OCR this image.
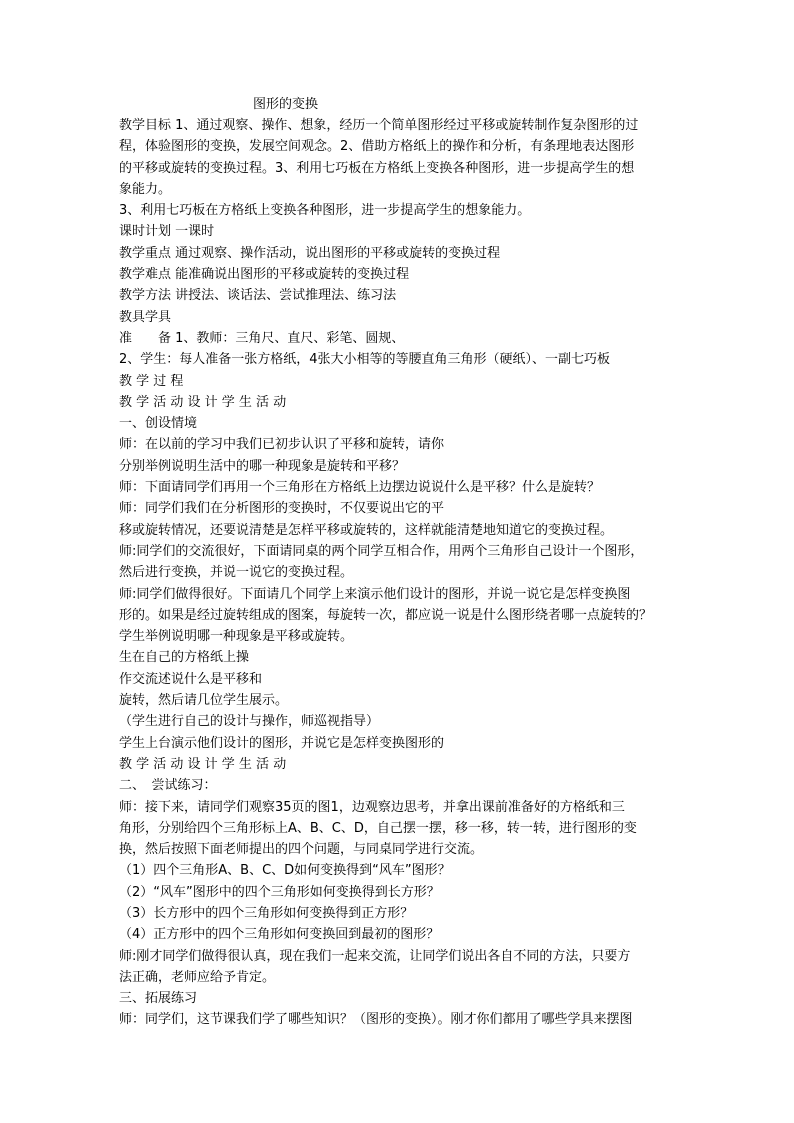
图形的变换
教学目标 1、通过观察、操作、想象，经历一个简单图形经过平移或旋转制作复杂图形的过
程，体验图形的变换，发展空间观念。2、借助方格纸上的操作和分析，有条理地表达图形
的平移或旋转的变换过程。3、利用七巧板在方格纸上变换各种图形，进一步提高学生的想
象能力。
3、利用七巧板在方格纸上变换各种图形，进一步提高学生的想象能力。
课时计划 一课时
教学重点 通过观察、操作活动，说出图形的平移或旋转的变换过程
教学难点 能准确说出图形的平移或旋转的变换过程
教学方法 讲授法、谈话法、尝试推理法、练习法
教具学具
准　　备 1、教师：三角尺、直尺、彩笔、圆规、
2、学生：每人准备一张方格纸，4张大小相等的等腰直角三角形（硬纸）、一副七巧板
教 学 过 程
教 学 活 动 设 计 学 生 活 动
一、创设情境
师：在以前的学习中我们已初步认识了平移和旋转，请你
分别举例说明生活中的哪一种现象是旋转和平移？
师：下面请同学们再用一个三角形在方格纸上边摆边说说什么是平移？什么是旋转？
师：同学们我们在分析图形的变换时，不仅要说出它的平
移或旋转情况，还要说清楚是怎样平移或旋转的，这样就能清楚地知道它的变换过程。
师:同学们的交流很好，下面请同桌的两个同学互相合作，用两个三角形自己设计一个图形，
然后进行变换，并说一说它的变换过程。
师:同学们做得很好。下面请几个同学上来演示他们设计的图形，并说一说它是怎样变换图
形的。如果是经过旋转组成的图案，每旋转一次，都应说一说是什么图形绕者哪一点旋转的？
学生举例说明哪一种现象是平移或旋转。
生在自己的方格纸上操
作交流述说什么是平移和
旋转，然后请几位学生展示。
（学生进行自己的设计与操作，师巡视指导）
学生上台演示他们设计的图形，并说它是怎样变换图形的
教 学 活 动 设 计 学 生 活 动
二、　尝试练习：
师：接下来，请同学们观察35页的图1，边观察边思考，并拿出课前准备好的方格纸和三
角形，分别给四个三角形标上A、B、C、D，自己摆一摆，移一移，转一转，进行图形的变
换，然后按照下面老师提出的四个问题，与同桌同学进行交流。
（1）四个三角形A、B、C、D如何变换得到“风车”图形？
（2）“风车”图形中的四个三角形如何变换得到长方形？
（3）长方形中的四个三角形如何变换得到正方形？
（4）正方形中的四个三角形如何变换回到最初的图形？
师:刚才同学们做得很认真，现在我们一起来交流，让同学们说出各自不同的方法，只要方
法正确，老师应给予肯定。
三、拓展练习
师：同学们，这节课我们学了哪些知识？（图形的变换）。刚才你们都用了哪些学具来摆图
